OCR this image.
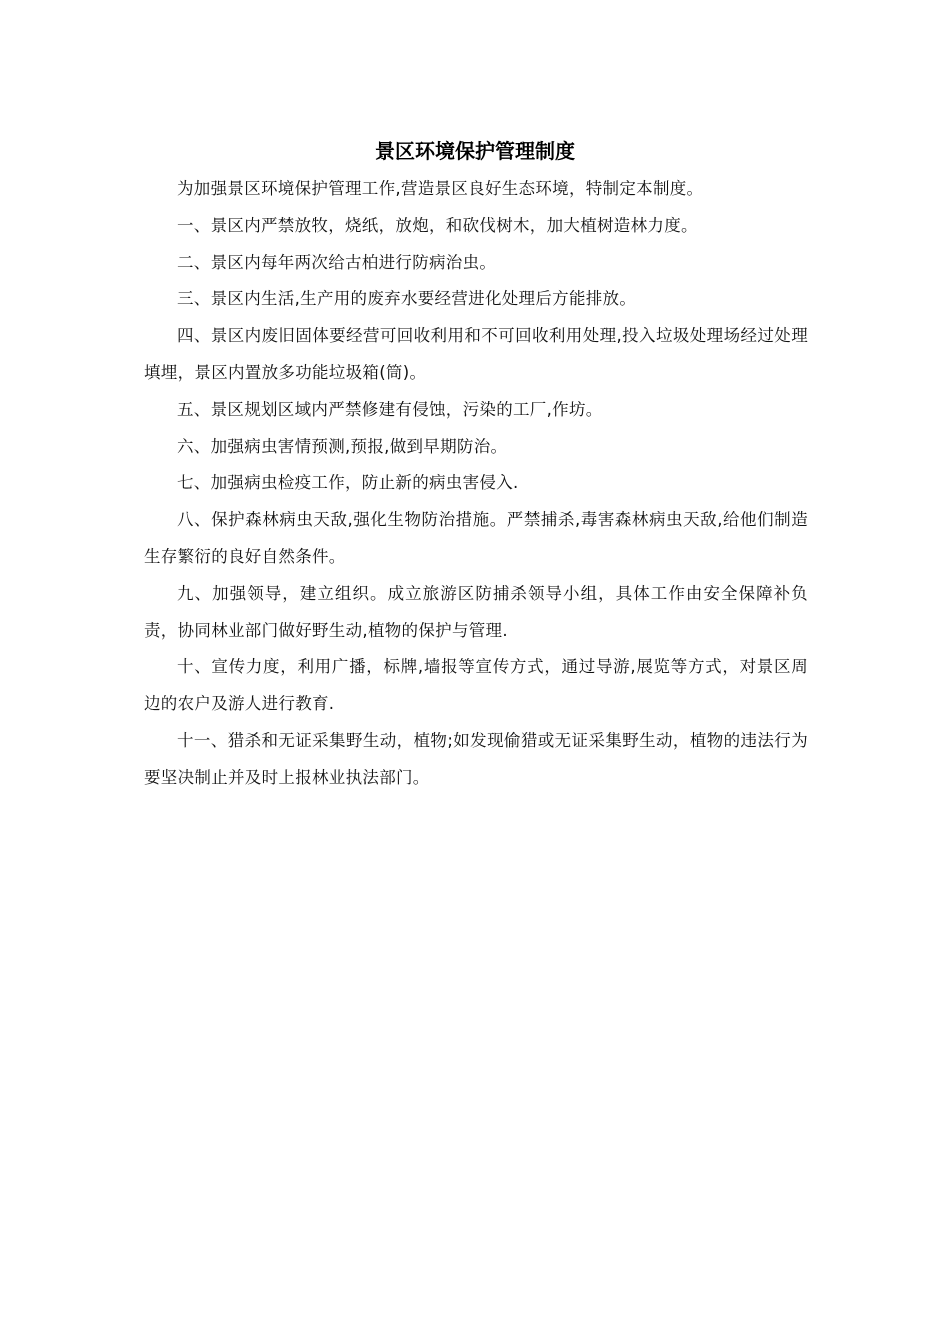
景区环境保护管理制度

为加强景区环境保护管理工作,营造景区良好生态环境，特制定本制度。

一、景区内严禁放牧，烧纸，放炮，和砍伐树木，加大植树造林力度。

二、景区内每年两次给古柏进行防病治虫。

三、景区内生活,生产用的废弃水要经营进化处理后方能排放。

四、景区内废旧固体要经营可回收利用和不可回收利用处理,投入垃圾处理场经过处理填埋，景区内置放多功能垃圾箱(筒)。

五、景区规划区域内严禁修建有侵蚀，污染的工厂,作坊。

六、加强病虫害情预测,预报,做到早期防治。

七、加强病虫检疫工作，防止新的病虫害侵入.

八、保护森林病虫天敌,强化生物防治措施。严禁捕杀,毒害森林病虫天敌,给他们制造生存繁衍的良好自然条件。

九、加强领导，建立组织。成立旅游区防捕杀领导小组，具体工作由安全保障补负责，协同林业部门做好野生动,植物的保护与管理.

十、宣传力度，利用广播，标牌,墙报等宣传方式，通过导游,展览等方式，对景区周边的农户及游人进行教育.

十一、猎杀和无证采集野生动，植物;如发现偷猎或无证采集野生动，植物的违法行为要坚决制止并及时上报林业执法部门。
